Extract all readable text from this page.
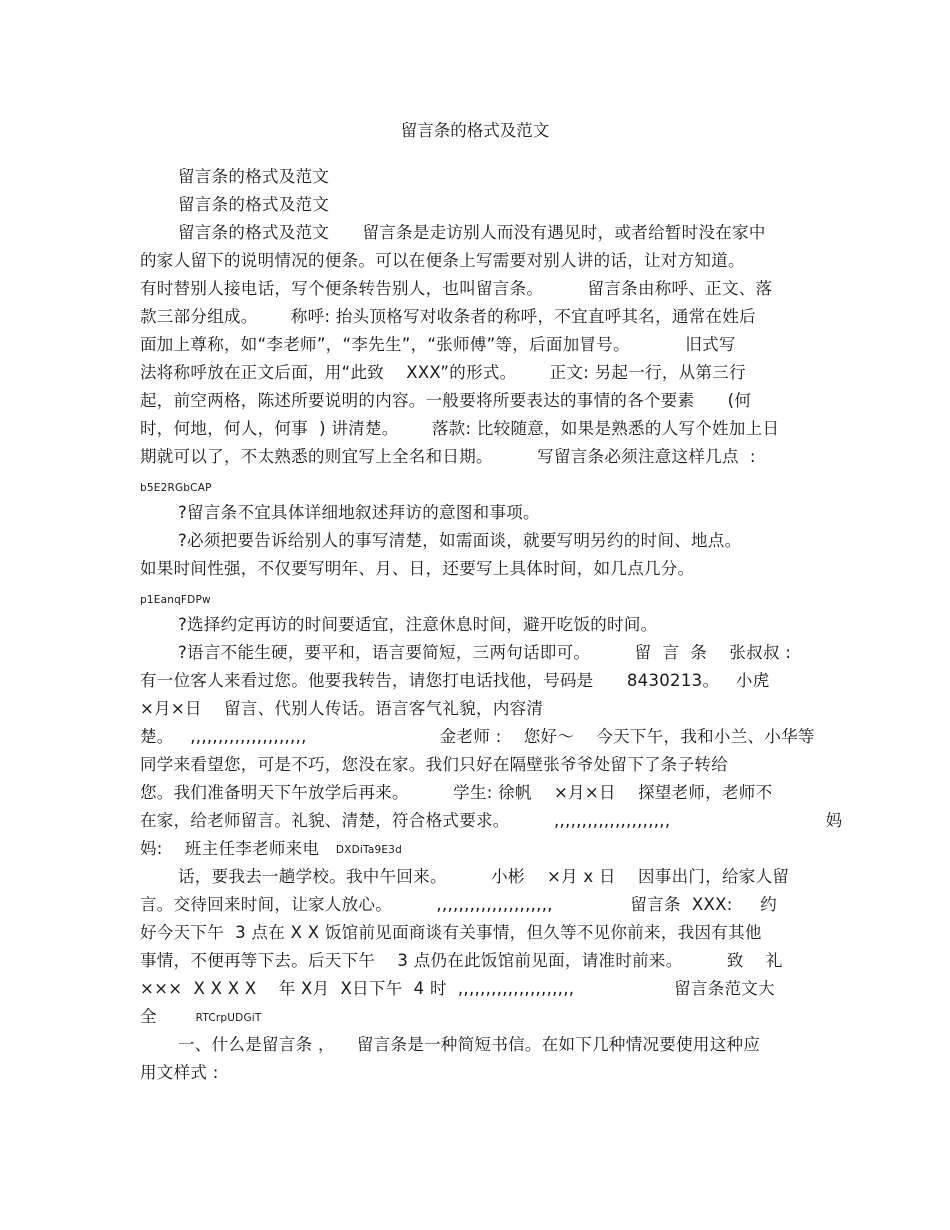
留言条的格式及范文
留言条的格式及范文
留言条的格式及范文
留言条的格式及范文      留言条是走访别人而没有遇见时，或者给暂时没在家中
的家人留下的说明情况的便条。可以在便条上写需要对别人讲的话，让对方知道。
有时替别人接电话，写个便条转告别人，也叫留言条。        留言条由称呼、正文、落
款三部分组成。      称呼: 抬头顶格写对收条者的称呼，不宜直呼其名，通常在姓后
面加上尊称，如“李老师”，“李先生”，“张师傅”等，后面加冒号。          旧式写
法将称呼放在正文后面，用“此致    XXX”的形式。      正文: 另起一行，从第三行
起，前空两格，陈述所要说明的内容。一般要将所要表达的事情的各个要素      (何
时，何地，何人，何事  ) 讲清楚。      落款: 比较随意，如果是熟悉的人写个姓加上日
期就可以了，不太熟悉的则宜写上全名和日期。        写留言条必须注意这样几点  :
b5E2RGbCAP
?留言条不宜具体详细地叙述拜访的意图和事项。
?必须把要告诉给别人的事写清楚，如需面谈，就要写明另约的时间、地点。
如果时间性强，不仅要写明年、月、日，还要写上具体时间，如几点几分。
p1EanqFDPw
?选择约定再访的时间要适宜，注意休息时间，避开吃饭的时间。
?语言不能生硬，要平和，语言要简短，三两句话即可。        留  言  条    张叔叔 :
有一位客人来看过您。他要我转告，请您打电话找他，号码是      8430213。   小虎
×月×日    留言、代别人传话。语言客气礼貌，内容清
楚。   ,,,,,,,,,,,,,,,,,,,,,                        金老师 :    您好～    今天下午，我和小兰、小华等
同学来看望您，可是不巧，您没在家。我们只好在隔壁张爷爷处留下了条子转给
您。我们准备明天下午放学后再来。        学生: 徐帆    ×月×日    探望老师，老师不
在家，给老师留言。礼貌、清楚，符合格式要求。        ,,,,,,,,,,,,,,,,,,,,,                            妈
妈:    班主任李老师来电 DXDiTa9E3d
话，要我去一趟学校。我中午回来。        小彬    ×月 x 日    因事出门，给家人留
言。交待回来时间，让家人放心。        ,,,,,,,,,,,,,,,,,,,,,              留言条  XXX:     约
好今天下午  3 点在 X X 饭馆前见面商谈有关事情，但久等不见你前来，我因有其他
事情，不便再等下去。后天下午    3 点仍在此饭馆前见面，请准时前来。        致    礼
×××  X X X X    年 X月  X日下午  4 时  ,,,,,,,,,,,,,,,,,,,,,                  留言条范文大
全	RTCrpUDGiT
一、什么是留言条 ，    留言条是一种简短书信。在如下几种情况要使用这种应
用文样式 :
